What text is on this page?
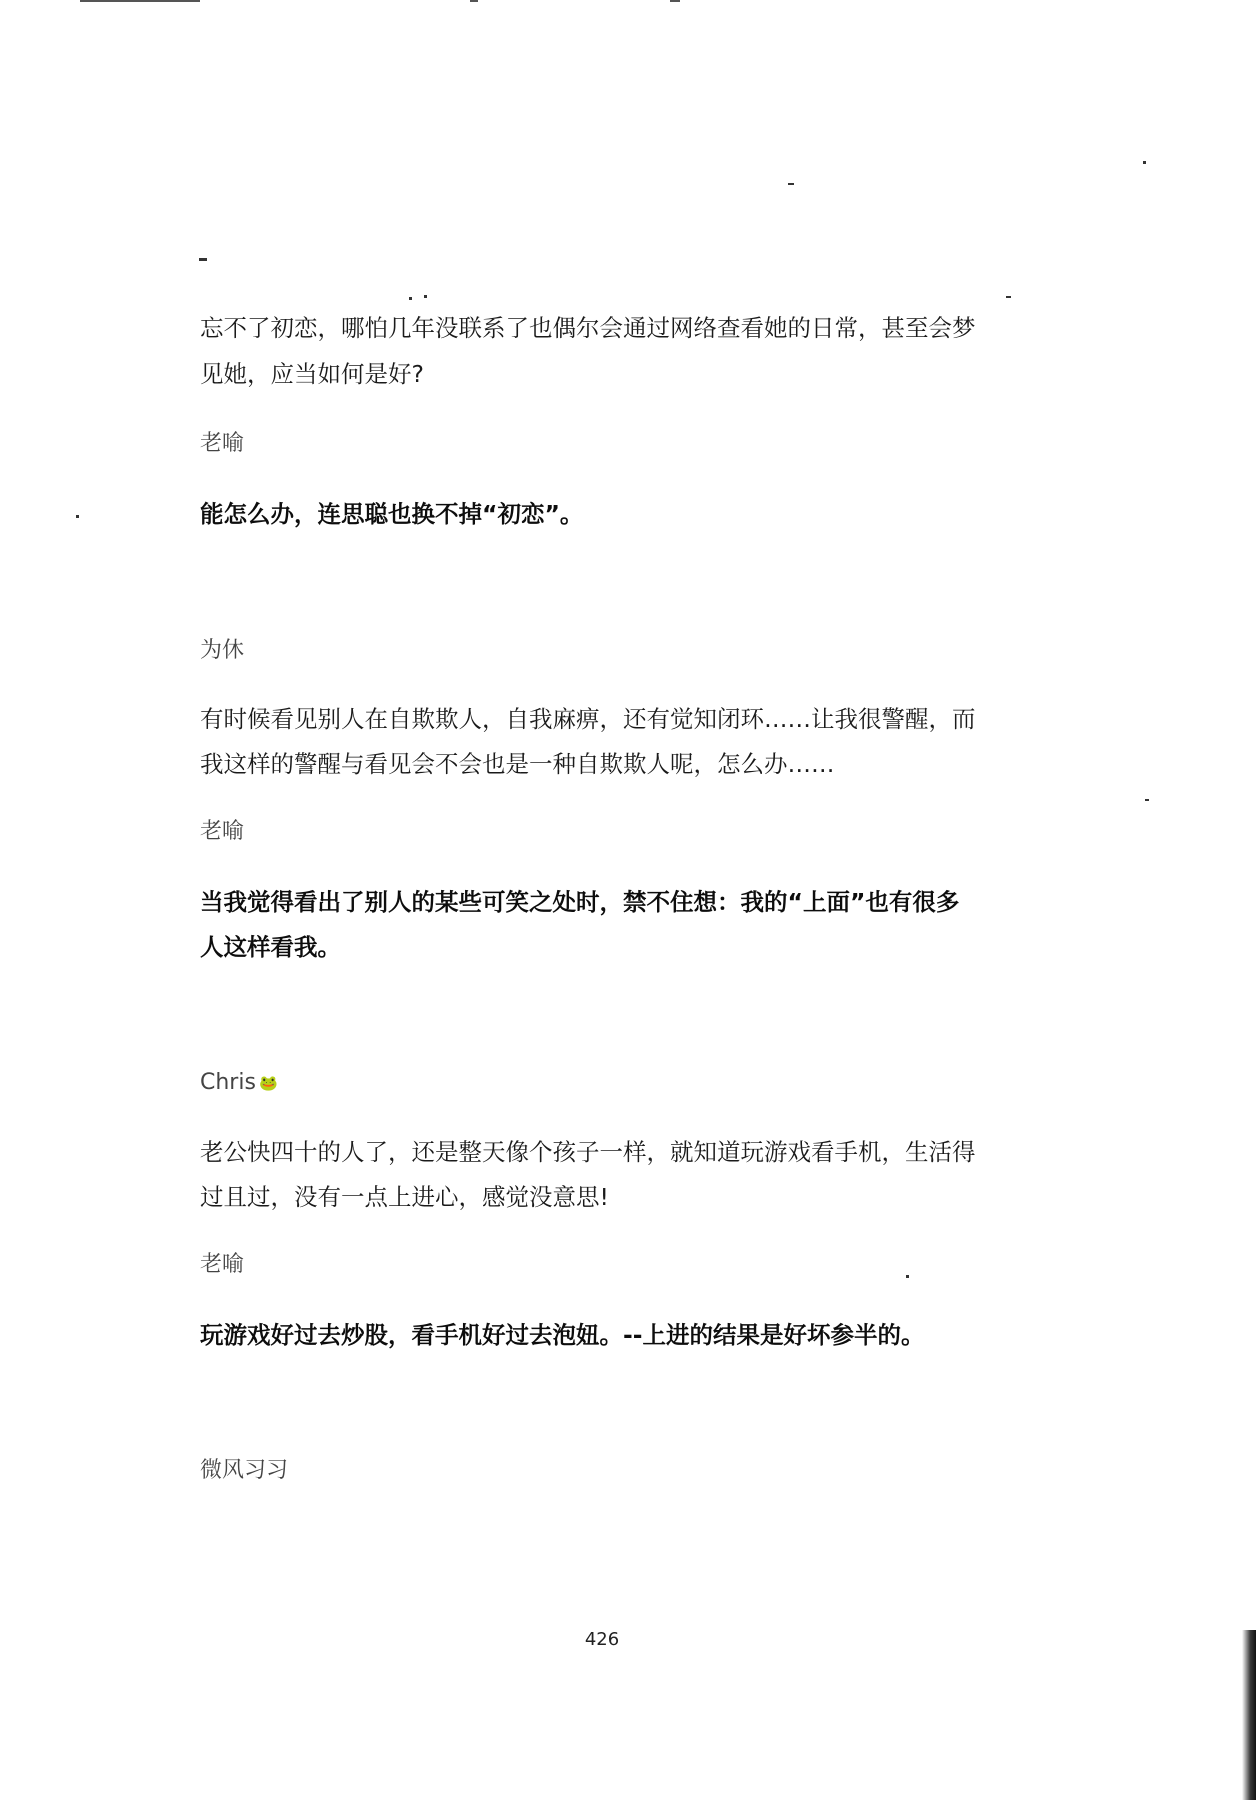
忘不了初恋，哪怕几年没联系了也偶尔会通过网络查看她的日常，甚至会梦
见她，应当如何是好?
老喻
能怎么办，连思聪也换不掉“初恋”。
为休
有时候看见别人在自欺欺人，自我麻痹，还有觉知闭环……让我很警醒，而
我这样的警醒与看见会不会也是一种自欺欺人呢，怎么办……
老喻
当我觉得看出了别人的某些可笑之处时，禁不住想：我的“上面”也有很多
人这样看我。
Chris 🐸
老公快四十的人了，还是整天像个孩子一样，就知道玩游戏看手机，生活得
过且过，没有一点上进心，感觉没意思!
老喻
玩游戏好过去炒股，看手机好过去泡妞。--上进的结果是好坏参半的。
微风习习
426
